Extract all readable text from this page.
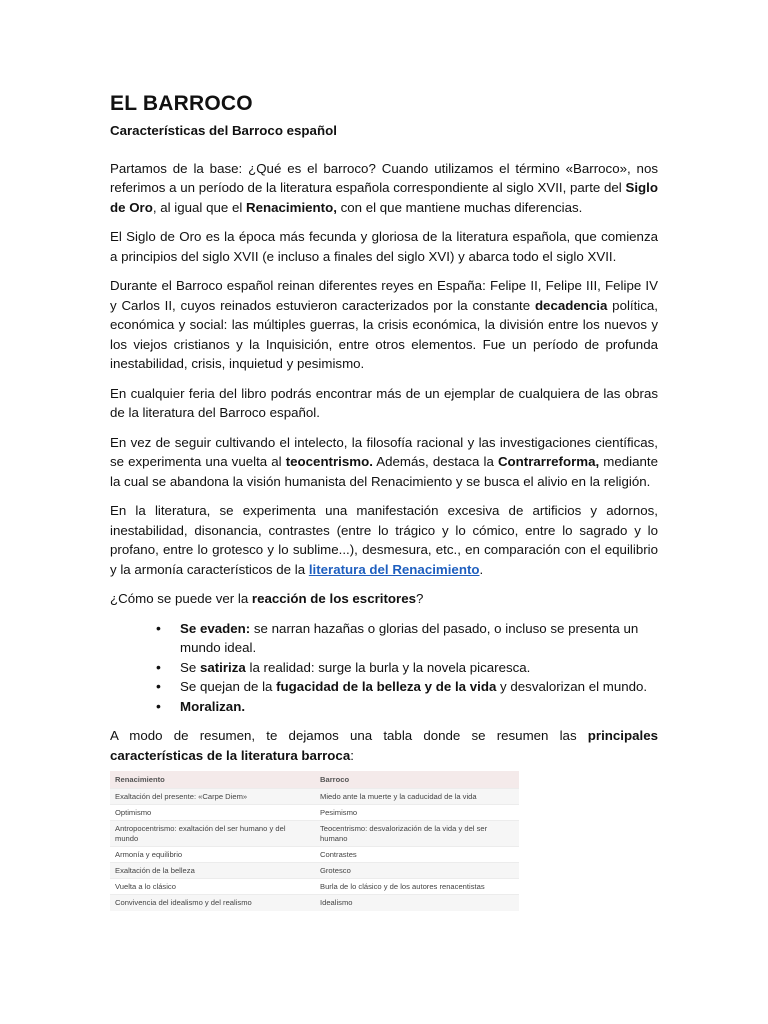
EL BARROCO
Características del Barroco español

Partamos de la base: ¿Qué es el barroco? Cuando utilizamos el término «Barroco», nos referimos a un período de la literatura española correspondiente al siglo XVII, parte del Siglo de Oro, al igual que el Renacimiento, con el que mantiene muchas diferencias.

El Siglo de Oro es la época más fecunda y gloriosa de la literatura española, que comienza a principios del siglo XVII (e incluso a finales del siglo XVI) y abarca todo el siglo XVII.

Durante el Barroco español reinan diferentes reyes en España: Felipe II, Felipe III, Felipe IV y Carlos II, cuyos reinados estuvieron caracterizados por la constante decadencia política, económica y social: las múltiples guerras, la crisis económica, la división entre los nuevos y los viejos cristianos y la Inquisición, entre otros elementos. Fue un período de profunda inestabilidad, crisis, inquietud y pesimismo.

En cualquier feria del libro podrás encontrar más de un ejemplar de cualquiera de las obras de la literatura del Barroco español.

En vez de seguir cultivando el intelecto, la filosofía racional y las investigaciones científicas, se experimenta una vuelta al teocentrismo. Además, destaca la Contrarreforma, mediante la cual se abandona la visión humanista del Renacimiento y se busca el alivio en la religión.

En la literatura, se experimenta una manifestación excesiva de artificios y adornos, inestabilidad, disonancia, contrastes (entre lo trágico y lo cómico, entre lo sagrado y lo profano, entre lo grotesco y lo sublime...), desmesura, etc., en comparación con el equilibrio y la armonía característicos de la literatura del Renacimiento.

¿Cómo se puede ver la reacción de los escritores?

• Se evaden: se narran hazañas o glorias del pasado, o incluso se presenta un mundo ideal.
• Se satiriza la realidad: surge la burla y la novela picaresca.
• Se quejan de la fugacidad de la belleza y de la vida y desvalorizan el mundo.
• Moralizan.

A modo de resumen, te dejamos una tabla donde se resumen las principales características de la literatura barroca:

Renacimiento	Barroco
Exaltación del presente: «Carpe Diem»	Miedo ante la muerte y la caducidad de la vida
Optimismo	Pesimismo
Antropocentrismo: exaltación del ser humano y del mundo	Teocentrismo: desvalorización de la vida y del ser humano
Armonía y equilibrio	Contrastes
Exaltación de la belleza	Grotesco
Vuelta a lo clásico	Burla de lo clásico y de los autores renacentistas
Convivencia del idealismo y del realismo	Idealismo
